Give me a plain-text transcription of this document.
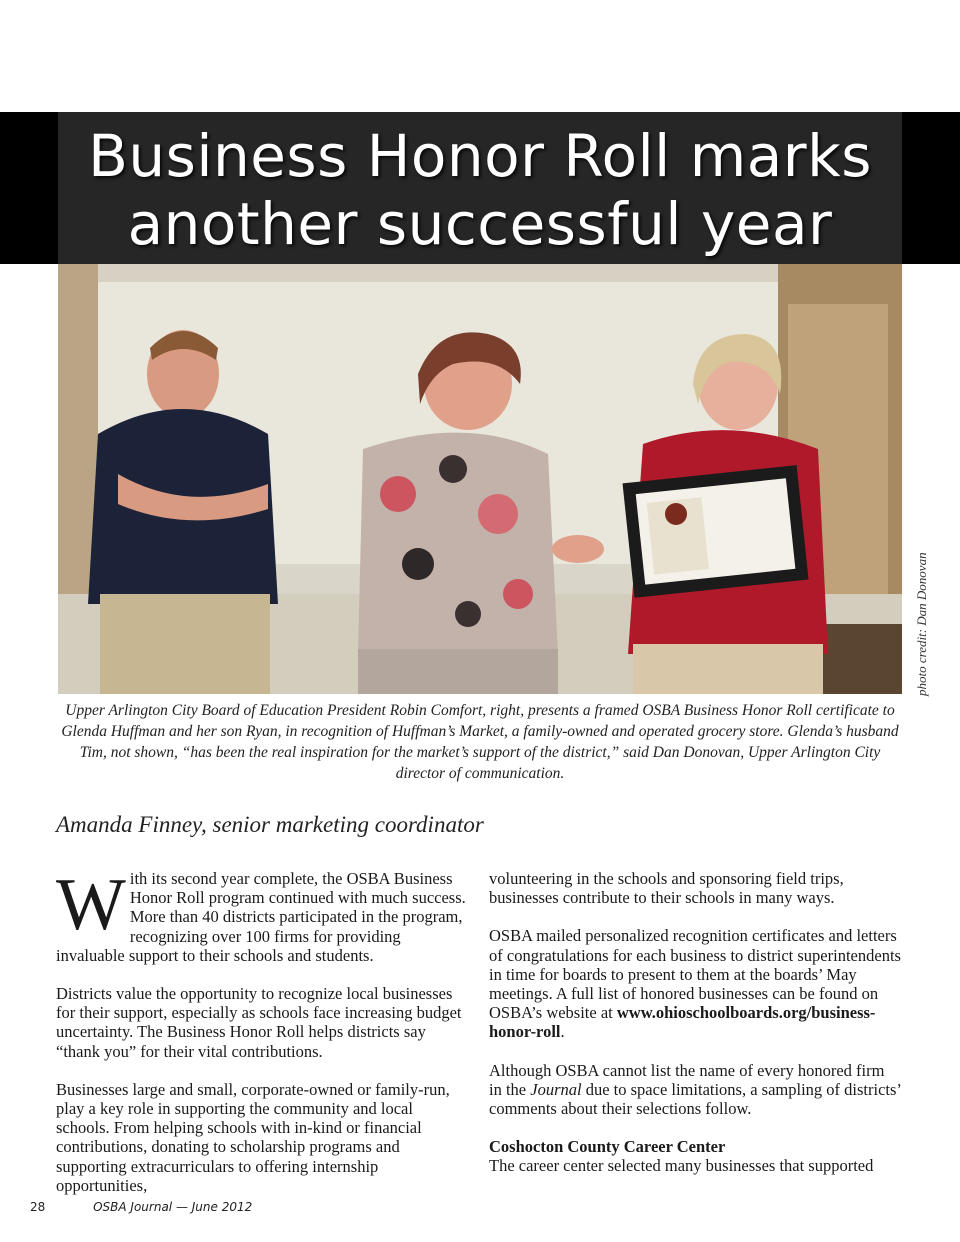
Business Honor Roll marks
another successful year
photo credit: Dan Donovan

Upper Arlington City Board of Education President Robin Comfort, right, presents a framed OSBA Business Honor Roll certificate to Glenda Huffman and her son Ryan, in recognition of Huffman’s Market, a family-owned and operated grocery store. Glenda’s husband Tim, not shown, “has been the real inspiration for the market’s support of the district,” said Dan Donovan, Upper Arlington City director of communication.

Amanda Finney, senior marketing coordinator

With its second year complete, the OSBA Business Honor Roll program continued with much success. More than 40 districts participated in the program, recognizing over 100 firms for providing invaluable support to their schools and students.

Districts value the opportunity to recognize local businesses for their support, especially as schools face increasing budget uncertainty. The Business Honor Roll helps districts say “thank you” for their vital contributions.

Businesses large and small, corporate-owned or family-run, play a key role in supporting the community and local schools. From helping schools with in-kind or financial contributions, donating to scholarship programs and supporting extracurriculars to offering internship opportunities,

volunteering in the schools and sponsoring field trips, businesses contribute to their schools in many ways.

OSBA mailed personalized recognition certificates and letters of congratulations for each business to district superintendents in time for boards to present to them at the boards’ May meetings. A full list of honored businesses can be found on OSBA’s website at www.ohioschoolboards.org/business-honor-roll.

Although OSBA cannot list the name of every honored firm in the Journal due to space limitations, a sampling of districts’ comments about their selections follow.

Coshocton County Career Center

The career center selected many businesses that supported

28	OSBA Journal — June 2012
